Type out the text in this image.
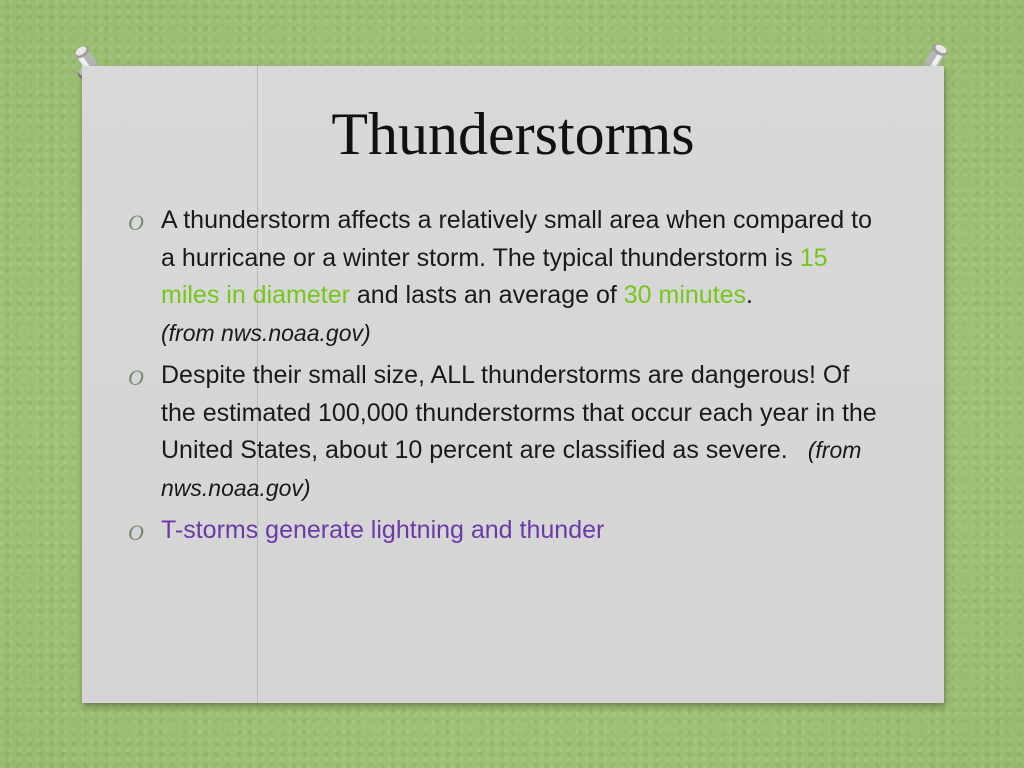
Thunderstorms
O A thunderstorm affects a relatively small area when compared to a hurricane or a winter storm. The typical thunderstorm is 15 miles in diameter and lasts an average of 30 minutes.(from nws.noaa.gov)
O Despite their small size, ALL thunderstorms are dangerous! Of the estimated 100,000 thunderstorms that occur each year in the United States, about 10 percent are classified as severe. (from nws.noaa.gov)
O T-storms generate lightning and thunder
